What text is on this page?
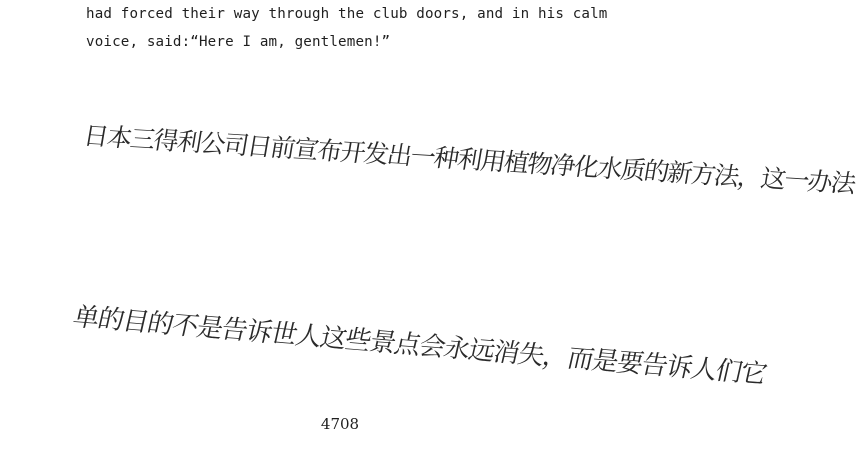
had forced their way through the club doors, and in his calm
voice, said:“Here I am, gentlemen!”
日本三得利公司日前宣布开发出一种利用植物净化水质的新方法，这一办法
单的目的不是告诉世人这些景点会永远消失，而是要告诉人们它
4708
